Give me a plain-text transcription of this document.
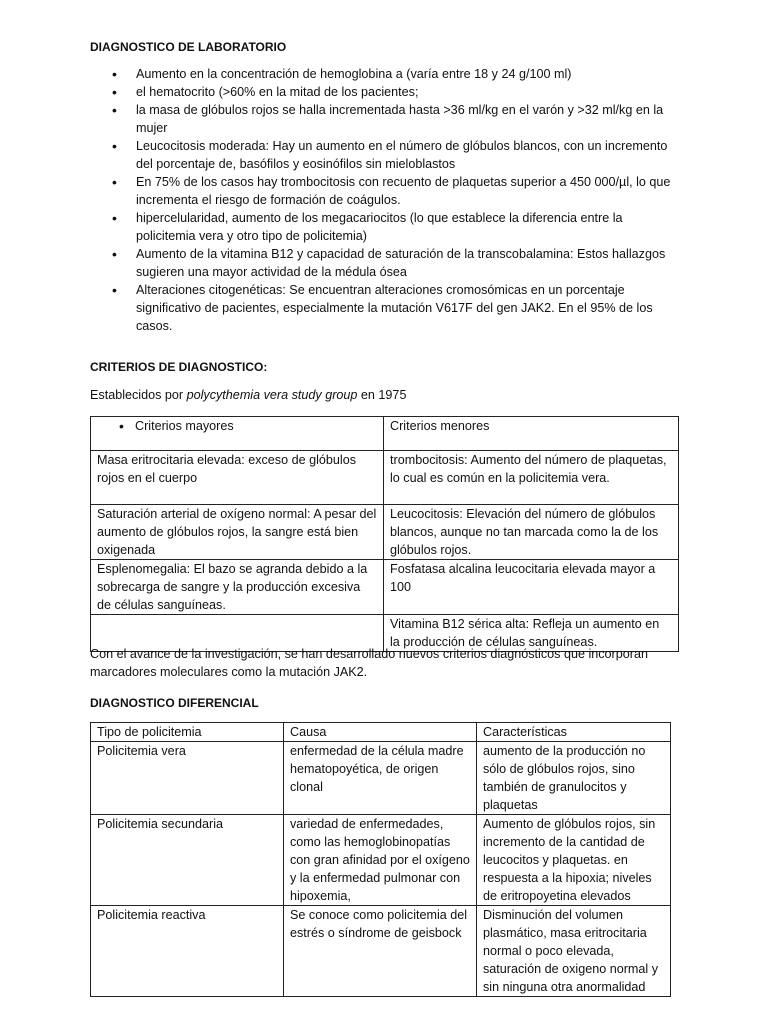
DIAGNOSTICO DE LABORATORIO
• Aumento en la concentración de hemoglobina a (varía entre 18 y 24 g/100 ml)
• el hematocrito (>60% en la mitad de los pacientes;
• la masa de glóbulos rojos se halla incrementada hasta >36 ml/kg en el varón y >32 ml/kg en la mujer
• Leucocitosis moderada: Hay un aumento en el número de glóbulos blancos, con un incremento del porcentaje de, basófilos y eosinófilos sin mieloblastos
• En 75% de los casos hay trombocitosis con recuento de plaquetas superior a 450 000/µl, lo que incrementa el riesgo de formación de coágulos.
• hipercelularidad, aumento de los megacariocitos (lo que establece la diferencia entre la policitemia vera y otro tipo de policitemia)
• Aumento de la vitamina B12 y capacidad de saturación de la transcobalamina: Estos hallazgos sugieren una mayor actividad de la médula ósea
• Alteraciones citogenéticas: Se encuentran alteraciones cromosómicas en un porcentaje significativo de pacientes, especialmente la mutación V617F del gen JAK2. En el 95% de los casos.
CRITERIOS DE DIAGNOSTICO:
Establecidos por polycythemia vera study group en 1975
• Criterios mayores	Criterios menores
Masa eritrocitaria elevada: exceso de glóbulos rojos en el cuerpo	trombocitosis: Aumento del número de plaquetas, lo cual es común en la policitemia vera.
Saturación arterial de oxígeno normal: A pesar del aumento de glóbulos rojos, la sangre está bien oxigenada	Leucocitosis: Elevación del número de glóbulos blancos, aunque no tan marcada como la de los glóbulos rojos.
Esplenomegalia: El bazo se agranda debido a la sobrecarga de sangre y la producción excesiva de células sanguíneas.	Fosfatasa alcalina leucocitaria elevada mayor a 100
	Vitamina B12 sérica alta: Refleja un aumento en la producción de células sanguíneas.
Con el avance de la investigación, se han desarrollado nuevos criterios diagnósticos que incorporan marcadores moleculares como la mutación JAK2.
DIAGNOSTICO DIFERENCIAL
Tipo de policitemia	Causa	Características
Policitemia vera	enfermedad de la célula madre hematopoyética, de origen clonal	aumento de la producción no sólo de glóbulos rojos, sino también de granulocitos y plaquetas
Policitemia secundaria	variedad de enfermedades, como las hemoglobinopatías con gran afinidad por el oxígeno y la enfermedad pulmonar con hipoxemia,	Aumento de glóbulos rojos, sin incremento de la cantidad de leucocitos y plaquetas. en respuesta a la hipoxia; niveles de eritropoyetina elevados
Policitemia reactiva	Se conoce como policitemia del estrés o síndrome de geisbock	Disminución del volumen plasmático, masa eritrocitaria normal o poco elevada, saturación de oxigeno normal y sin ninguna otra anormalidad
